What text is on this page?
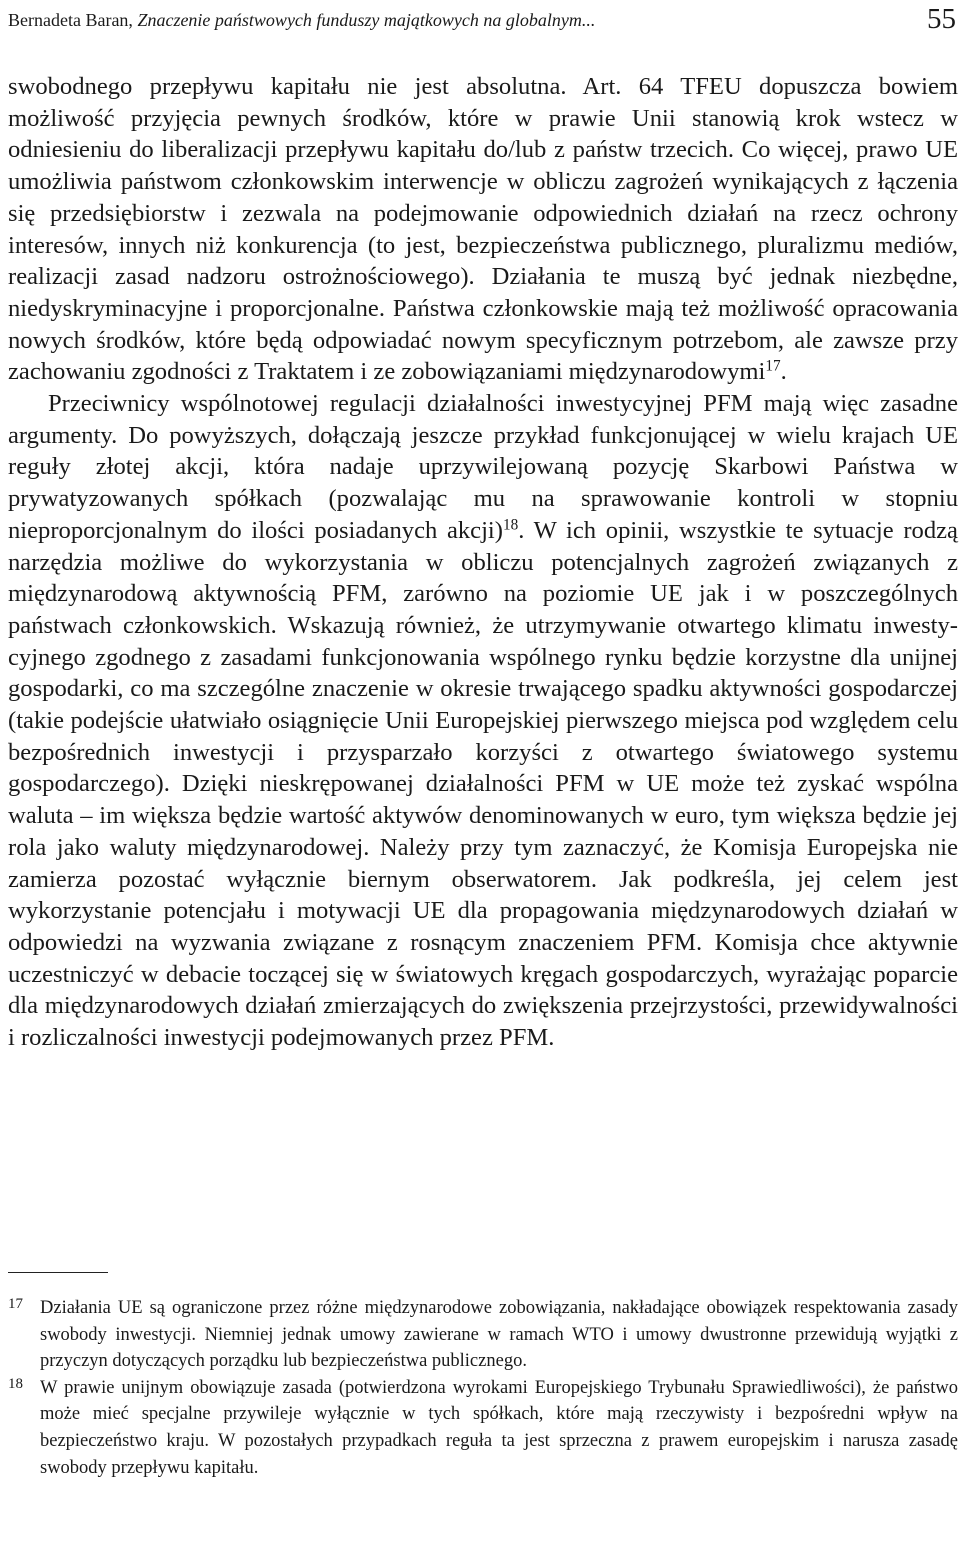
Bernadeta Baran, Znaczenie państwowych funduszy majątkowych na globalnym...	55

swobodnego przepływu kapitału nie jest absolutna. Art. 64 TFEU dopuszcza bowiem możliwość przyjęcia pewnych środków, które w prawie Unii stanowią krok wstecz w odniesieniu do liberalizacji przepływu kapitału do/lub z państw trzecich. Co więcej, prawo UE umożliwia państwom członkowskim interwencje w obliczu zagrożeń wynikających z łączenia się przedsiębiorstw i zezwala na podejmowanie odpowiednich działań na rzecz ochrony interesów, innych niż konkurencja (to jest, bezpieczeństwa publicznego, pluralizmu mediów, realizacji zasad nadzoru ostrożnościowego). Działania te muszą być jednak niezbędne, niedyskryminacyjne i proporcjonalne. Państwa członkowskie mają też możliwość opracowania nowych środków, które będą odpowiadać nowym specyficznym potrzebom, ale zawsze przy zachowaniu zgodności z Traktatem i ze zobowiązaniami międzynarodowymi$^{17}$.

Przeciwnicy wspólnotowej regulacji działalności inwestycyjnej PFM mają więc zasadne argumenty. Do powyższych, dołączają jeszcze przykład funkcjonującej w wielu krajach UE reguły złotej akcji, która nadaje uprzywilejowaną pozycję Skarbowi Państwa w prywatyzowanych spółkach (pozwalając mu na sprawowanie kontroli w stopniu nieproporcjonalnym do ilości posiadanych akcji)$^{18}$. W ich opinii, wszystkie te sytuacje rodzą narzędzia możliwe do wykorzystania w obliczu potencjalnych zagrożeń związanych z międzynarodową aktywnością PFM, zarówno na poziomie UE jak i w poszczególnych państwach członkowskich. Wskazują również, że utrzymywanie otwartego klimatu inwestycyjnego zgodnego z zasadami funkcjonowania wspólnego rynku będzie korzystne dla unijnej gospodarki, co ma szczególne znaczenie w okresie trwającego spadku aktywności gospodarczej (takie podejście ułatwiało osiągnięcie Unii Europejskiej pierwszego miejsca pod względem celu bezpośrednich inwestycji i przysparzało korzyści z otwartego światowego systemu gospodarczego). Dzięki nieskrępowanej działalności PFM w UE może też zyskać wspólna waluta – im większa będzie wartość aktywów denominowanych w euro, tym większa będzie jej rola jako waluty międzynarodowej. Należy przy tym zaznaczyć, że Komisja Europejska nie zamierza pozostać wyłącznie biernym obserwatorem. Jak podkreśla, jej celem jest wykorzystanie potencjału i motywacji UE dla propagowania międzynarodowych działań w odpowiedzi na wyzwania związane z rosnącym znaczeniem PFM. Komisja chce aktywnie uczestniczyć w debacie toczącej się w światowych kręgach gospodarczych, wyrażając poparcie dla międzynarodowych działań zmierzających do zwiększenia przejrzystości, przewidywalności i rozliczalności inwestycji podejmowanych przez PFM.

17 Działania UE są ograniczone przez różne międzynarodowe zobowiązania, nakładające obowiązek respektowania zasady swobody inwestycji. Niemniej jednak umowy zawierane w ramach WTO i umowy dwustronne przewidują wyjątki z przyczyn dotyczących porządku lub bezpieczeństwa publicznego.
18 W prawie unijnym obowiązuje zasada (potwierdzona wyrokami Europejskiego Trybunału Sprawiedliwości), że państwo może mieć specjalne przywileje wyłącznie w tych spółkach, które mają rzeczywisty i bezpośredni wpływ na bezpieczeństwo kraju. W pozostałych przypadkach reguła ta jest sprzeczna z prawem europejskim i narusza zasadę swobody przepływu kapitału.
